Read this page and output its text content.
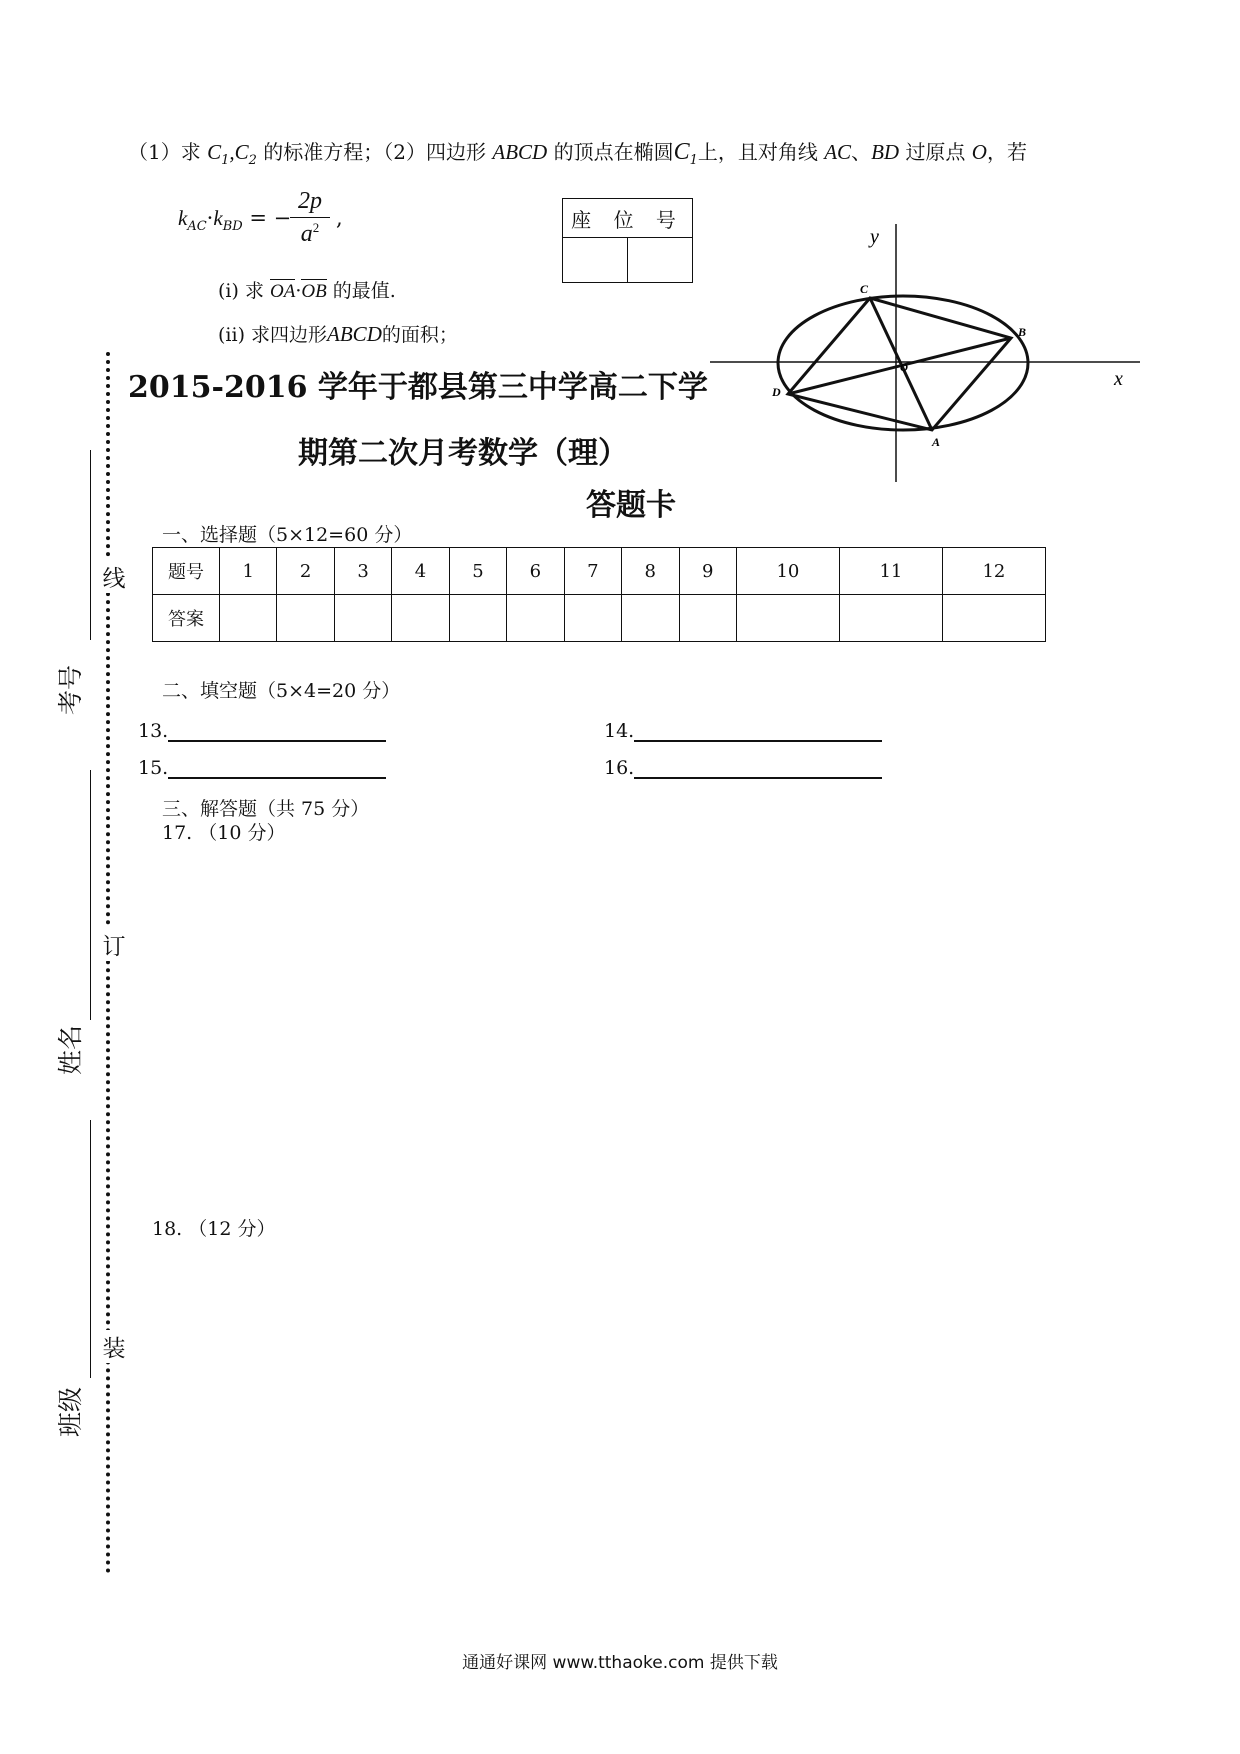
（1）求 $C_1,C_2$ 的标准方程；（2）四边形 ABCD 的顶点在椭圆$C_1$上，且对角线 AC、BD 过原点 O，若
$k_{AC}\cdot k_{BD}$ = −
2p
$a^2$ ,
(i) 求 OA·OB 的最值.
(ii) 求四边形ABCD的面积；
座 位 号

y
x
C
B
A
D
O
2015-2016 学年于都县第三中学高二下学
期第二次月考数学（理）
答题卡
一、选择题（5×12=60 分）
题号	1	2	3	4	5	6	7	8	9	10	11	12
答案												
二、填空题（5×4=20 分）
13.	14.
15.	16.
三、解答题（共 75 分）
17. （10 分）
18. （12 分）
线
订
装
考号
姓名
班级
通通好课网 www.tthaoke.com 提供下载
